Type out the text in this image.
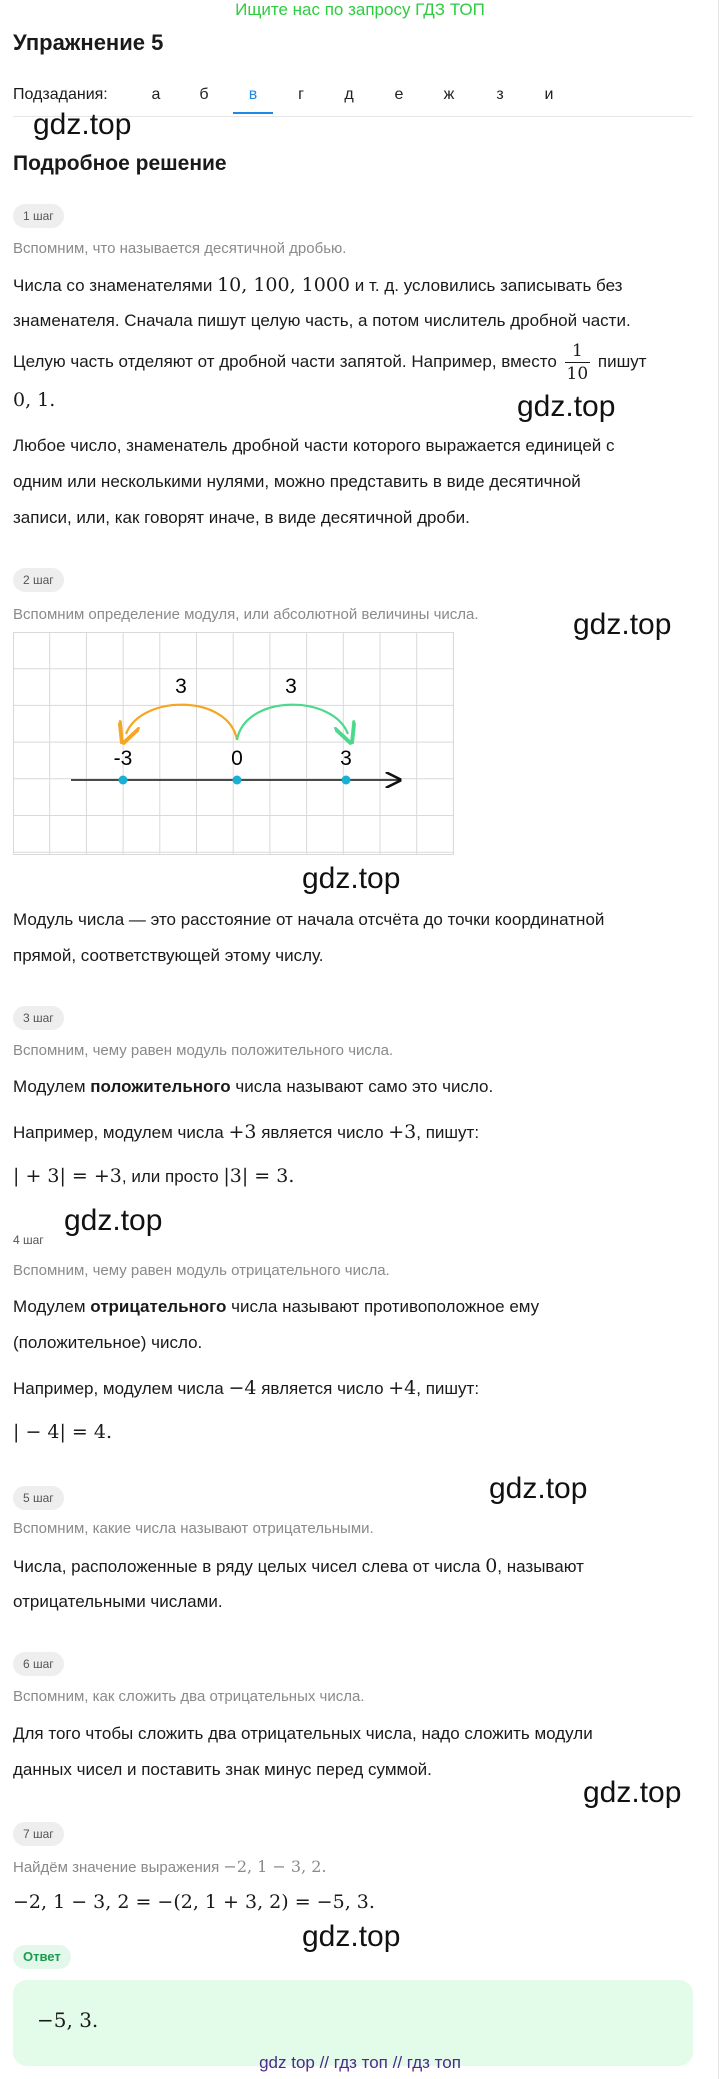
Ищите нас по запросу ГДЗ ТОП
Упражнение 5
Подзадания:	а	б	в	г	д	е	ж	з	и
gdz.top
Подробное решение
1 шаг
Вспомним, что называется десятичной дробью.
Числа со знаменателями 10, 100, 1000 и т. д. условились записывать без
знаменателя. Сначала пишут целую часть, а потом числитель дробной части.
Целую часть отделяют от дробной части запятой. Например, вместо $\frac{1}{10}$ пишут
0, 1.	gdz.top
Любое число, знаменатель дробной части которого выражается единицей с
одним или несколькими нулями, можно представить в виде десятичной
записи, или, как говорят иначе, в виде десятичной дроби.
2 шаг
Вспомним определение модуля, или абсолютной величины числа.	gdz.top
3	3
-3	0	3
gdz.top
Модуль числа — это расстояние от начала отсчёта до точки координатной
прямой, соответствующей этому числу.
3 шаг
Вспомним, чему равен модуль положительного числа.
Модулем положительного числа называют само это число.
Например, модулем числа +3 является число +3, пишут:
| + 3| = +3, или просто |3| = 3.
gdz.top
4 шаг
Вспомним, чему равен модуль отрицательного числа.
Модулем отрицательного числа называют противоположное ему
(положительное) число.
Например, модулем числа −4 является число +4, пишут:
| − 4| = 4.
gdz.top
5 шаг
Вспомним, какие числа называют отрицательными.
Числа, расположенные в ряду целых чисел слева от числа 0, называют
отрицательными числами.
6 шаг
Вспомним, как сложить два отрицательных числа.
Для того чтобы сложить два отрицательных числа, надо сложить модули
данных чисел и поставить знак минус перед суммой.
gdz.top
7 шаг
Найдём значение выражения −2, 1 − 3, 2.
−2, 1 − 3, 2 = −(2, 1 + 3, 2) = −5, 3.
gdz.top
Ответ
−5, 3.
gdz top // гдз топ // гдз топ
